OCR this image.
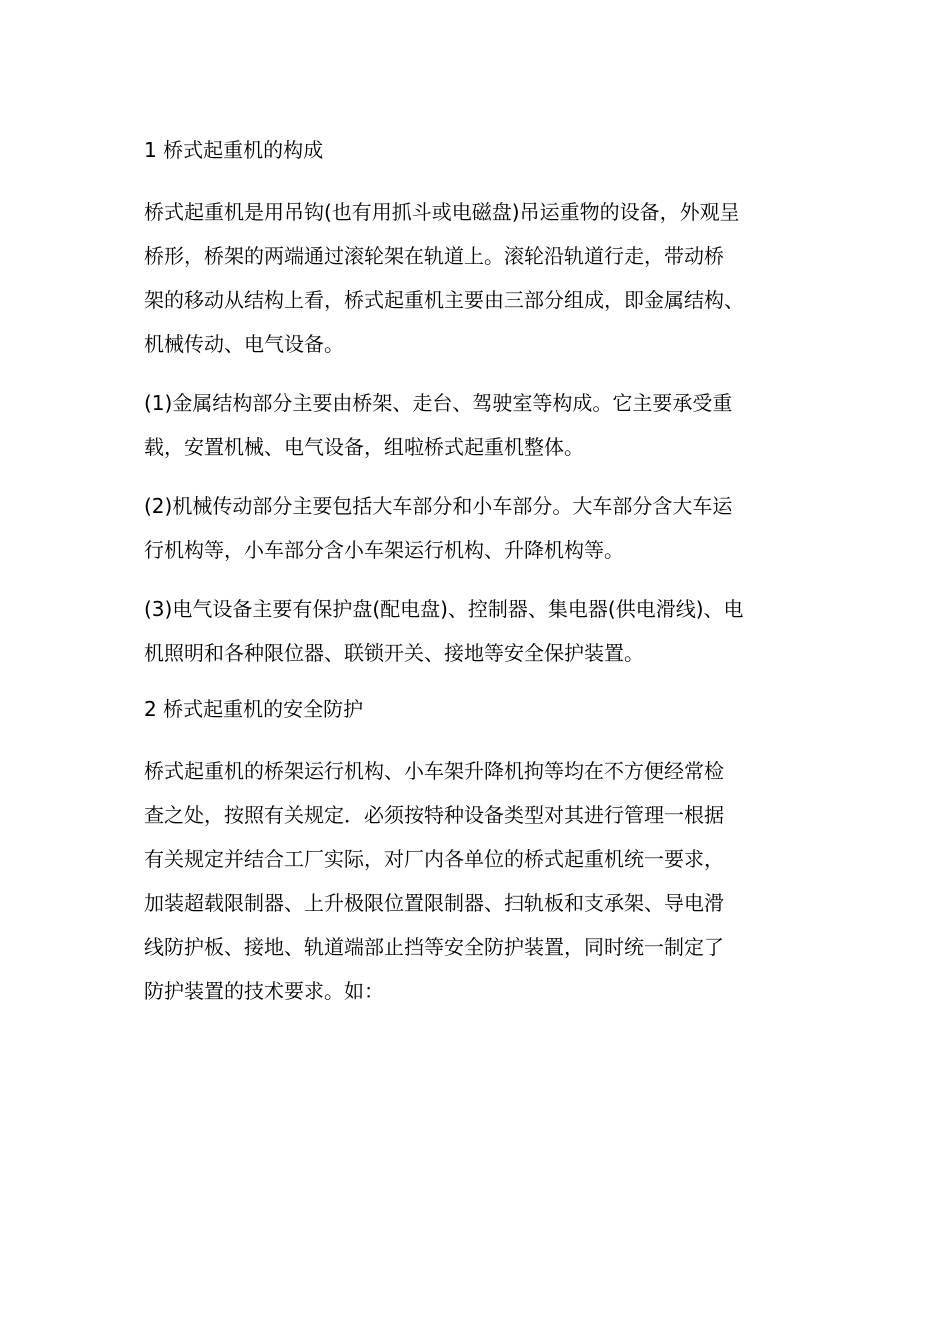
1 桥式起重机的构成
桥式起重机是用吊钩(也有用抓斗或电磁盘)吊运重物的设备，外观呈
桥形，桥架的两端通过滚轮架在轨道上。滚轮沿轨道行走，带动桥
架的移动从结构上看，桥式起重机主要由三部分组成，即金属结构、
机械传动、电气设备。
(1)金属结构部分主要由桥架、走台、驾驶室等构成。它主要承受重
载，安置机械、电气设备，组啦桥式起重机整体。
(2)机械传动部分主要包括大车部分和小车部分。大车部分含大车运
行机构等，小车部分含小车架运行机构、升降机构等。
(3)电气设备主要有保护盘(配电盘)、控制器、集电器(供电滑线)、电
机照明和各种限位器、联锁开关、接地等安全保护装置。
2 桥式起重机的安全防护
桥式起重机的桥架运行机构、小车架升降机拘等均在不方便经常检
查之处，按照有关规定．必须按特种设备类型对其进行管理一根据
有关规定并结合工厂实际，对厂内各单位的桥式起重机统一要求，
加装超载限制器、上升极限位置限制器、扫轨板和支承架、导电滑
线防护板、接地、轨道端部止挡等安全防护装置，同时统一制定了
防护装置的技术要求。如：
